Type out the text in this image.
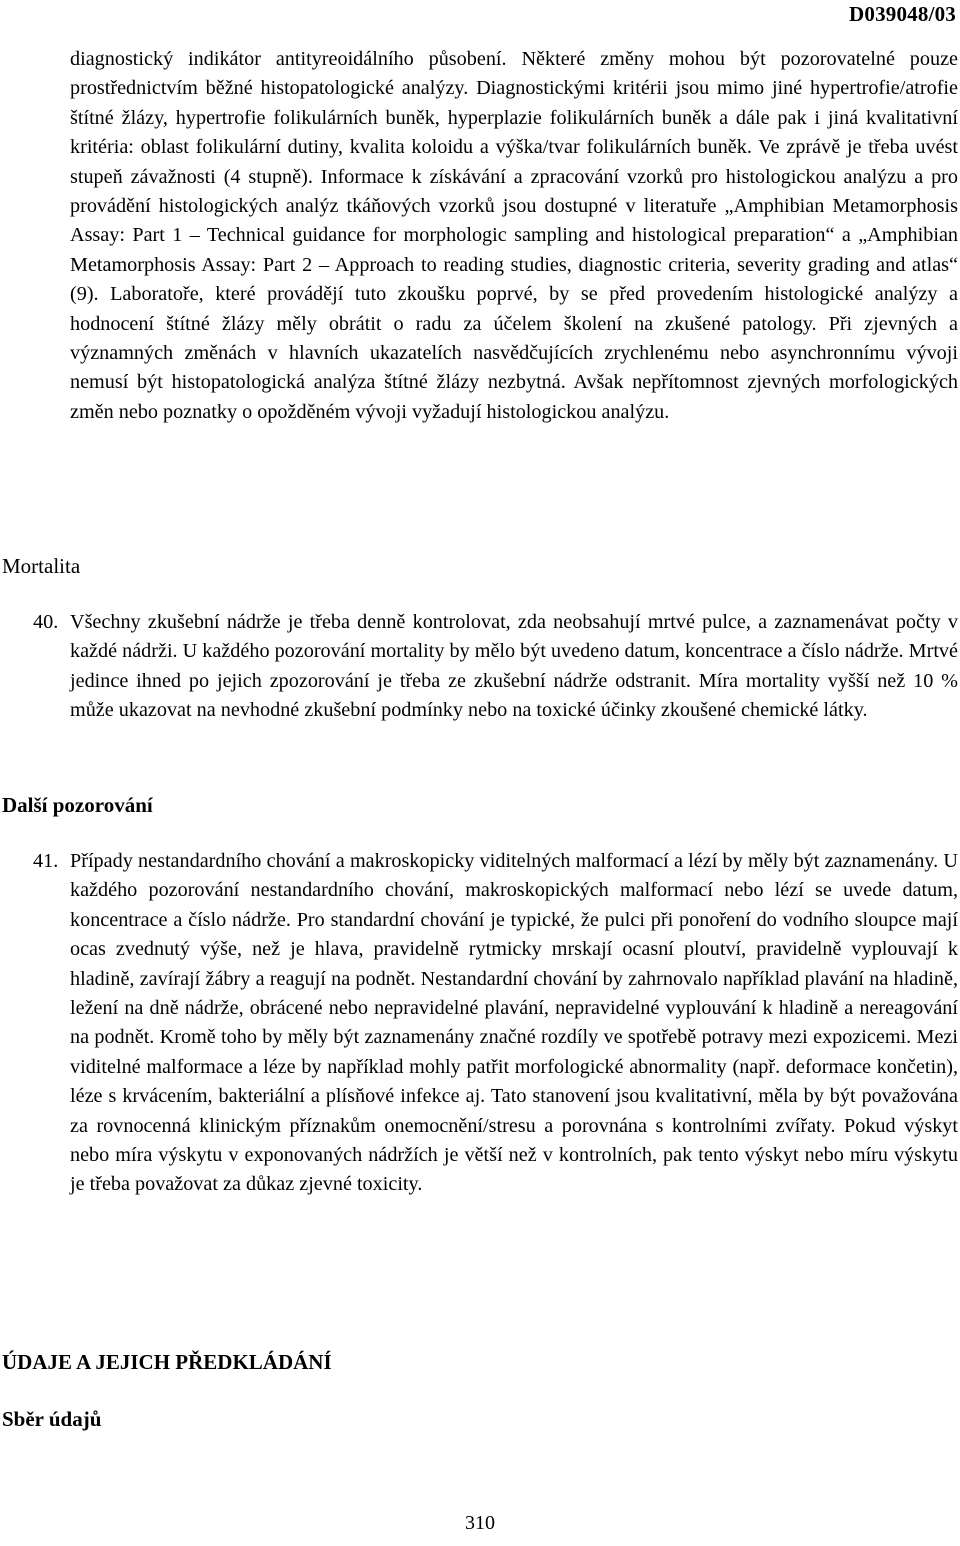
D039048/03
diagnostický indikátor antityreoidálního působení. Některé změny mohou být pozorovatelné pouze prostřednictvím běžné histopatologické analýzy. Diagnostickými kritérii jsou mimo jiné hypertrofie/atrofie štítné žlázy, hypertrofie folikulárních buněk, hyperplazie folikulárních buněk a dále pak i jiná kvalitativní kritéria: oblast folikulární dutiny, kvalita koloidu a výška/tvar folikulárních buněk. Ve zprávě je třeba uvést stupeň závažnosti (4 stupně). Informace k získávání a zpracování vzorků pro histologickou analýzu a pro provádění histologických analýz tkáňových vzorků jsou dostupné v literatuře „Amphibian Metamorphosis Assay: Part 1 – Technical guidance for morphologic sampling and histological preparation“ a „Amphibian Metamorphosis Assay: Part 2 – Approach to reading studies, diagnostic criteria, severity grading and atlas“ (9). Laboratoře, které provádějí tuto zkoušku poprvé, by se před provedením histologické analýzy a hodnocení štítné žlázy měly obrátit o radu za účelem školení na zkušené patology. Při zjevných a významných změnách v hlavních ukazatelích nasvědčujících zrychlenému nebo asynchronnímu vývoji nemusí být histopatologická analýza štítné žlázy nezbytná. Avšak nepřítomnost zjevných morfologických změn nebo poznatky o opožděném vývoji vyžadují histologickou analýzu.
Mortalita
40. Všechny zkušební nádrže je třeba denně kontrolovat, zda neobsahují mrtvé pulce, a zaznamenávat počty v každé nádrži. U každého pozorování mortality by mělo být uvedeno datum, koncentrace a číslo nádrže. Mrtvé jedince ihned po jejich zpozorování je třeba ze zkušební nádrže odstranit. Míra mortality vyšší než 10 % může ukazovat na nevhodné zkušební podmínky nebo na toxické účinky zkoušené chemické látky.
Další pozorování
41. Případy nestandardního chování a makroskopicky viditelných malformací a lézí by měly být zaznamenány. U každého pozorování nestandardního chování, makroskopických malformací nebo lézí se uvede datum, koncentrace a číslo nádrže. Pro standardní chování je typické, že pulci při ponoření do vodního sloupce mají ocas zvednutý výše, než je hlava, pravidelně rytmicky mrskají ocasní ploutví, pravidelně vyplouvají k hladině, zavírají žábry a reagují na podnět. Nestandardní chování by zahrnovalo například plavání na hladině, ležení na dně nádrže, obrácené nebo nepravidelné plavání, nepravidelné vyplouvání k hladině a nereagování na podnět. Kromě toho by měly být zaznamenány značné rozdíly ve spotřebě potravy mezi expozicemi. Mezi viditelné malformace a léze by například mohly patřit morfologické abnormality (např. deformace končetin), léze s krvácením, bakteriální a plísňové infekce aj. Tato stanovení jsou kvalitativní, měla by být považována za rovnocenná klinickým příznakům onemocnění/stresu a porovnána s kontrolními zvířaty. Pokud výskyt nebo míra výskytu v exponovaných nádržích je větší než v kontrolních, pak tento výskyt nebo míru výskytu je třeba považovat za důkaz zjevné toxicity.
ÚDAJE A JEJICH PŘEDKLÁDÁNÍ
Sběr údajů
310
